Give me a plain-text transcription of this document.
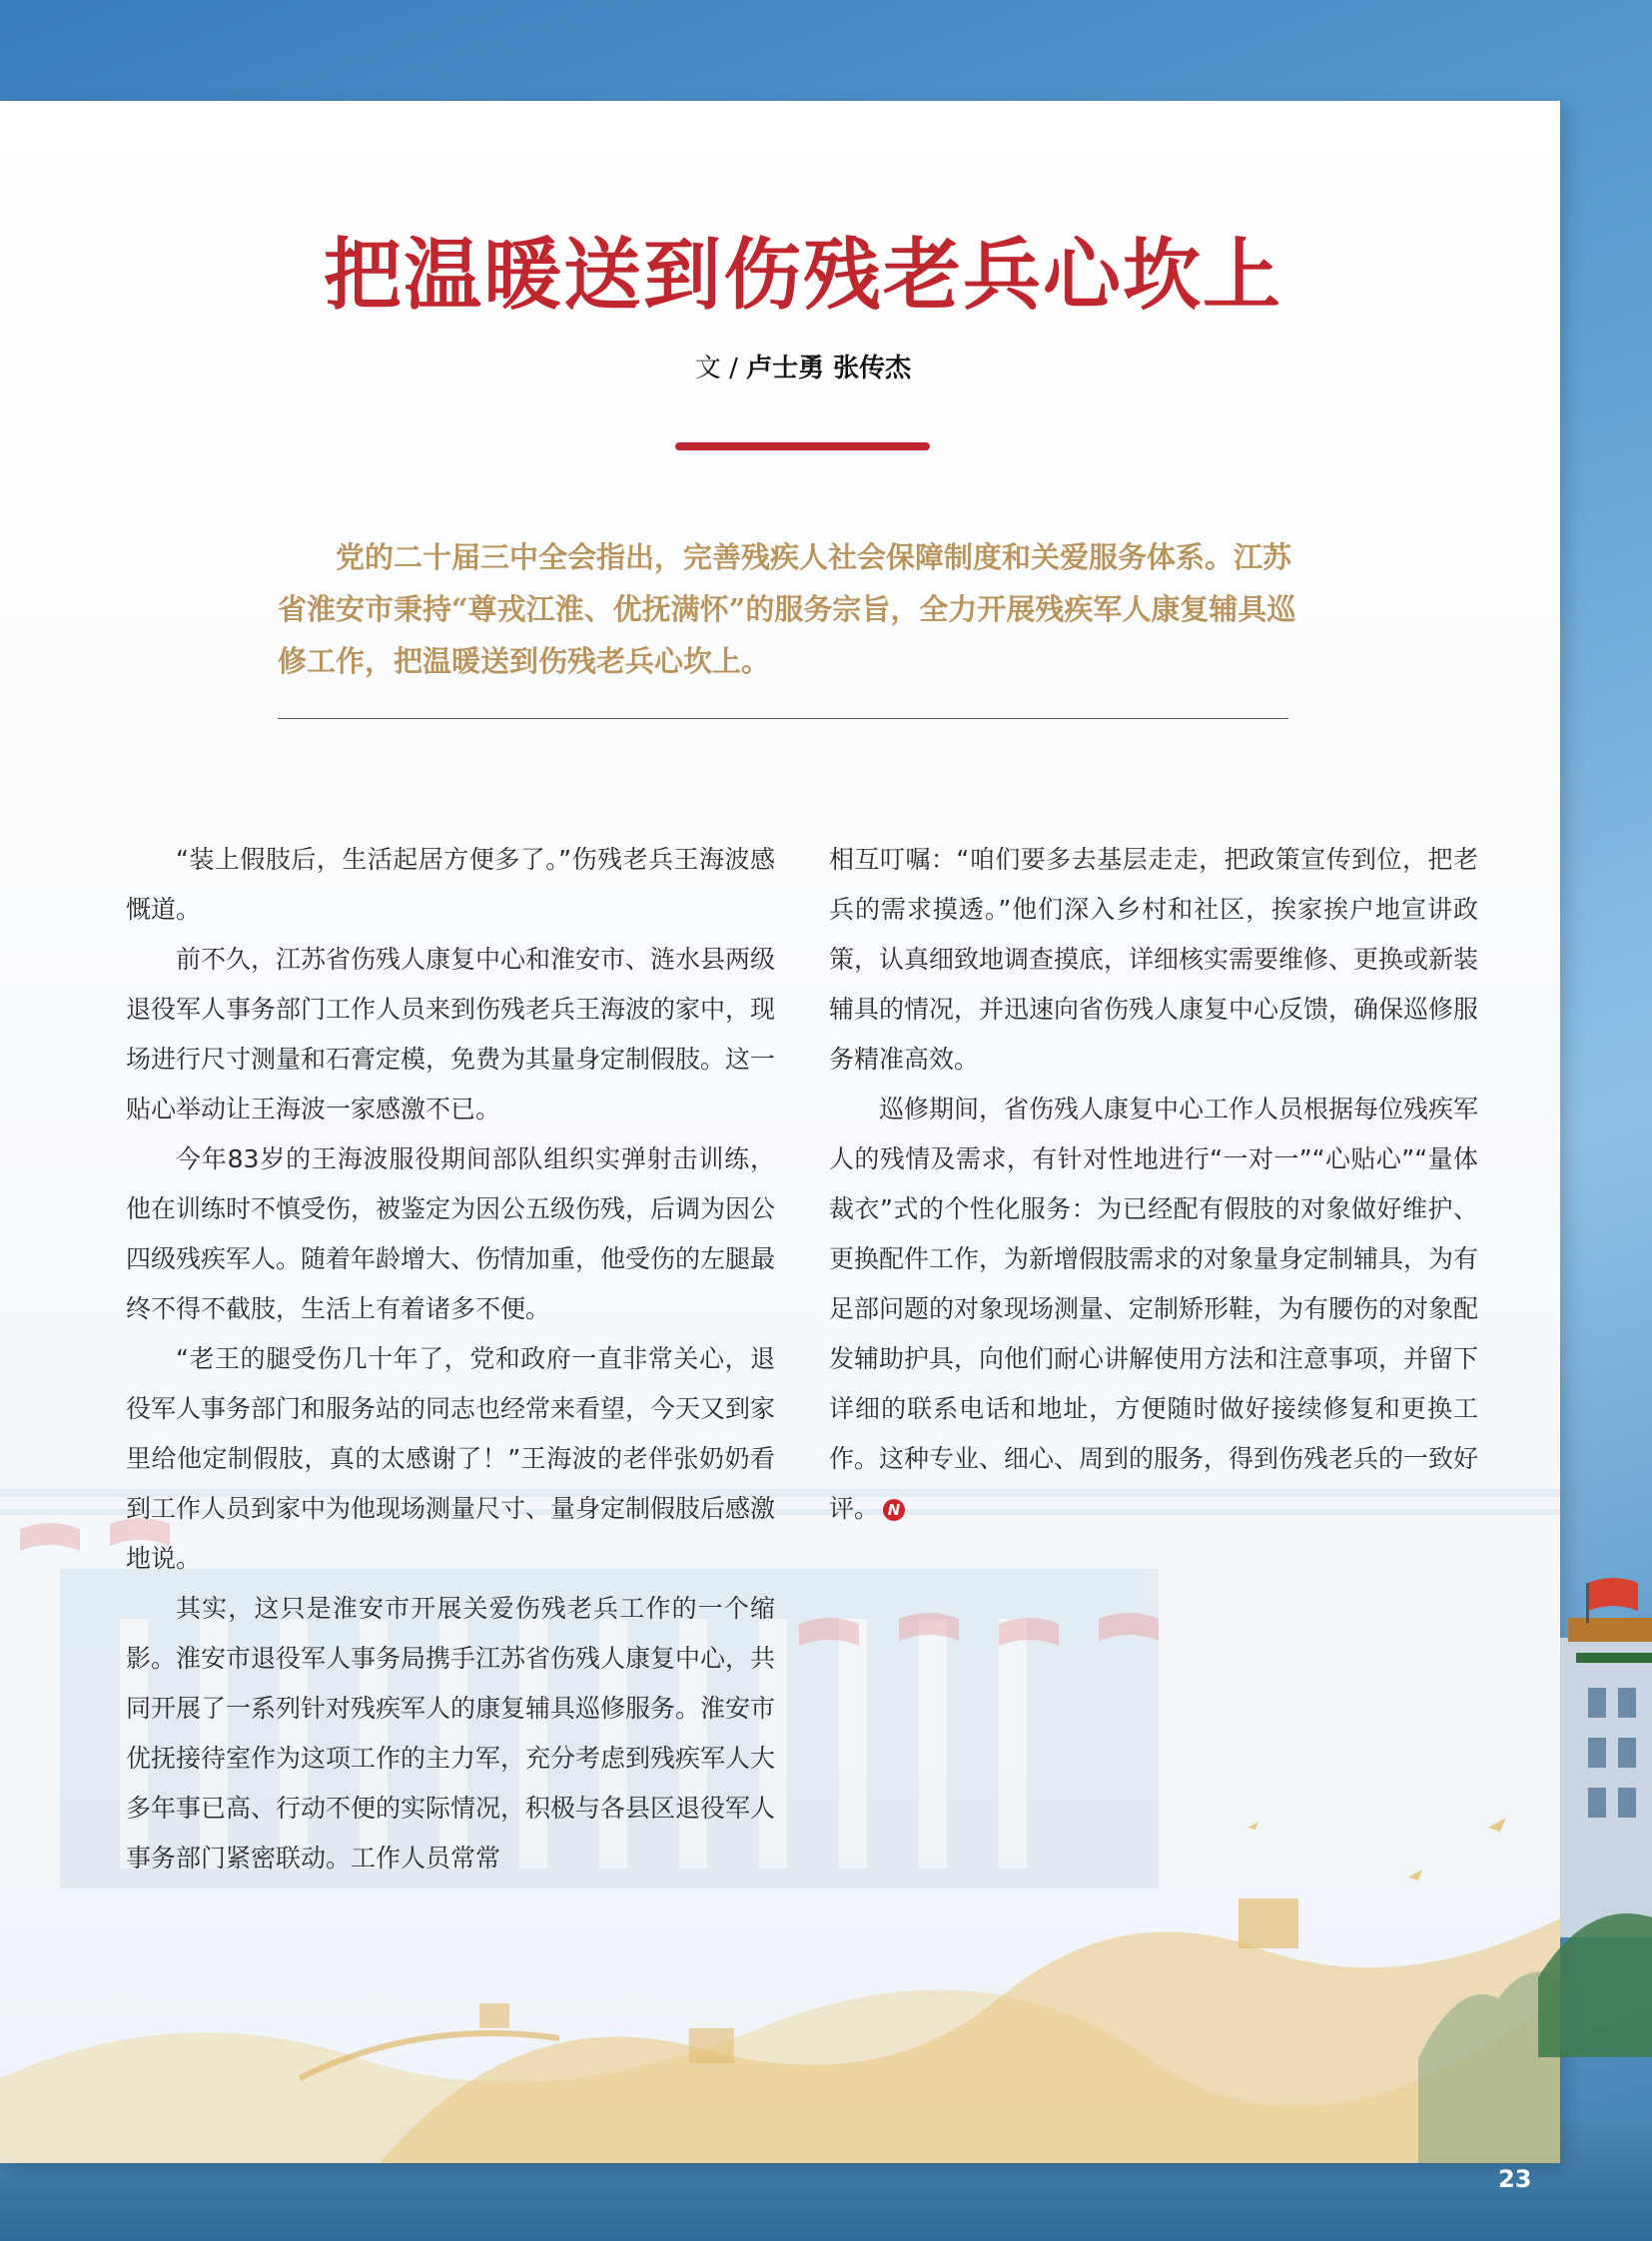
把温暖送到伤残老兵心坎上
文 / 卢士勇 张传杰

党的二十届三中全会指出，完善残疾人社会保障制度和关爱服务体系。江苏省淮安市秉持“尊戎江淮、优抚满怀”的服务宗旨，全力开展残疾军人康复辅具巡修工作，把温暖送到伤残老兵心坎上。

“装上假肢后，生活起居方便多了。”伤残老兵王海波感慨道。

前不久，江苏省伤残人康复中心和淮安市、涟水县两级退役军人事务部门工作人员来到伤残老兵王海波的家中，现场进行尺寸测量和石膏定模，免费为其量身定制假肢。这一贴心举动让王海波一家感激不已。

今年83岁的王海波服役期间部队组织实弹射击训练，他在训练时不慎受伤，被鉴定为因公五级伤残，后调为因公四级残疾军人。随着年龄增大、伤情加重，他受伤的左腿最终不得不截肢，生活上有着诸多不便。

“老王的腿受伤几十年了，党和政府一直非常关心，退役军人事务部门和服务站的同志也经常来看望，今天又到家里给他定制假肢，真的太感谢了！”王海波的老伴张奶奶看到工作人员到家中为他现场测量尺寸、量身定制假肢后感激地说。

其实，这只是淮安市开展关爱伤残老兵工作的一个缩影。淮安市退役军人事务局携手江苏省伤残人康复中心，共同开展了一系列针对残疾军人的康复辅具巡修服务。淮安市优抚接待室作为这项工作的主力军，充分考虑到残疾军人大多年事已高、行动不便的实际情况，积极与各县区退役军人事务部门紧密联动。工作人员常常

相互叮嘱：“咱们要多去基层走走，把政策宣传到位，把老兵的需求摸透。”他们深入乡村和社区，挨家挨户地宣讲政策，认真细致地调查摸底，详细核实需要维修、更换或新装辅具的情况，并迅速向省伤残人康复中心反馈，确保巡修服务精准高效。

巡修期间，省伤残人康复中心工作人员根据每位残疾军人的残情及需求，有针对性地进行“一对一”“心贴心”“量体裁衣”式的个性化服务：为已经配有假肢的对象做好维护、更换配件工作，为新增假肢需求的对象量身定制辅具，为有足部问题的对象现场测量、定制矫形鞋，为有腰伤的对象配发辅助护具，向他们耐心讲解使用方法和注意事项，并留下详细的联系电话和地址，方便随时做好接续修复和更换工作。这种专业、细心、周到的服务，得到伤残老兵的一致好评。 N

23
